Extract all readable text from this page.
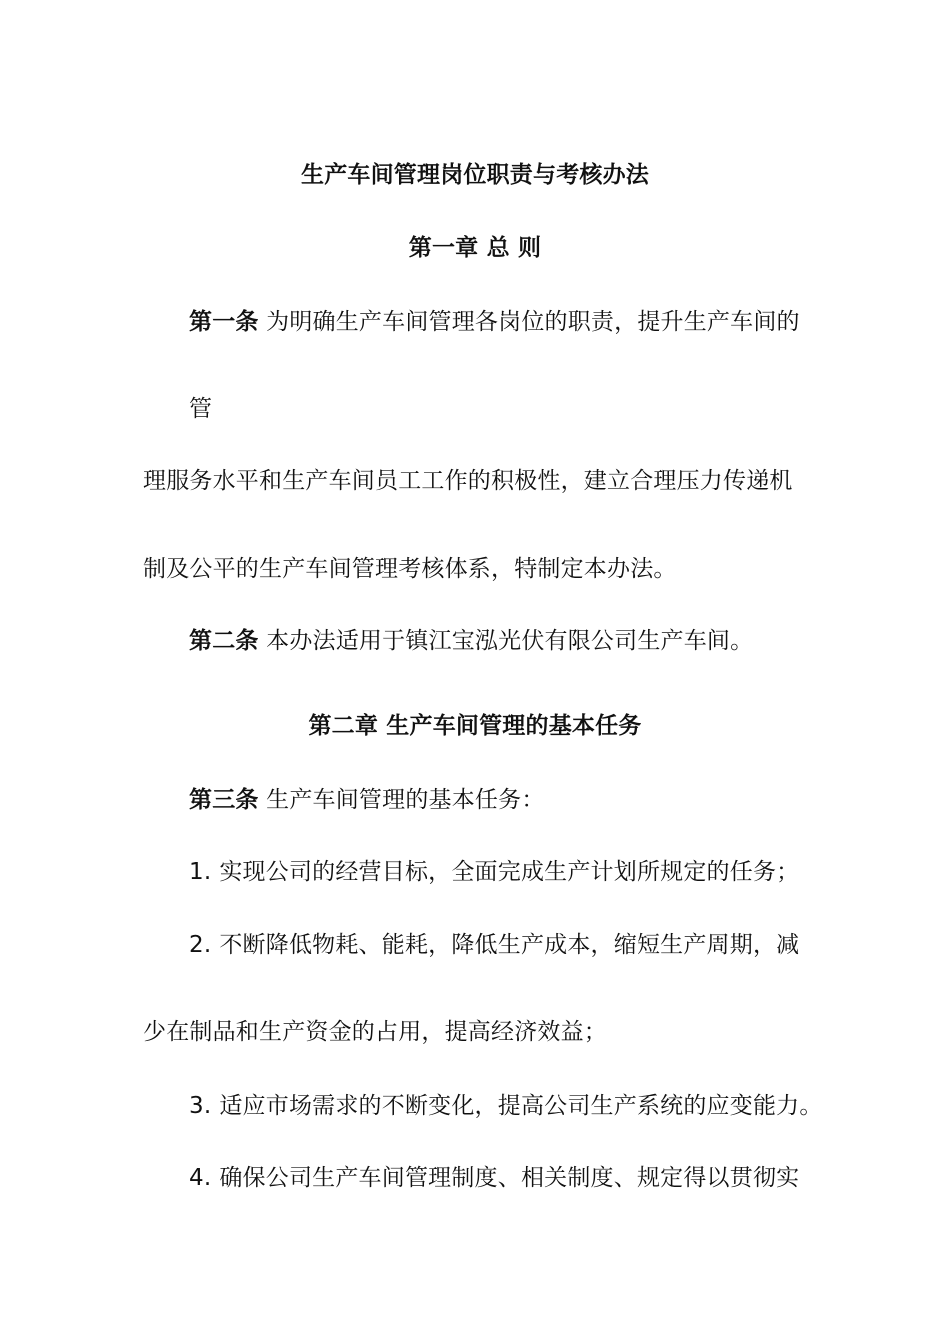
生产车间管理岗位职责与考核办法
第一章 总 则
第一条 为明确生产车间管理各岗位的职责，提升生产车间的
管
理服务水平和生产车间员工工作的积极性，建立合理压力传递机
制及公平的生产车间管理考核体系，特制定本办法。
第二条 本办法适用于镇江宝泓光伏有限公司生产车间。
第二章 生产车间管理的基本任务
第三条 生产车间管理的基本任务：
1. 实现公司的经营目标，全面完成生产计划所规定的任务；
2. 不断降低物耗、能耗，降低生产成本，缩短生产周期，减
少在制品和生产资金的占用，提高经济效益；
3. 适应市场需求的不断变化，提高公司生产系统的应变能力。
4. 确保公司生产车间管理制度、相关制度、规定得以贯彻实
